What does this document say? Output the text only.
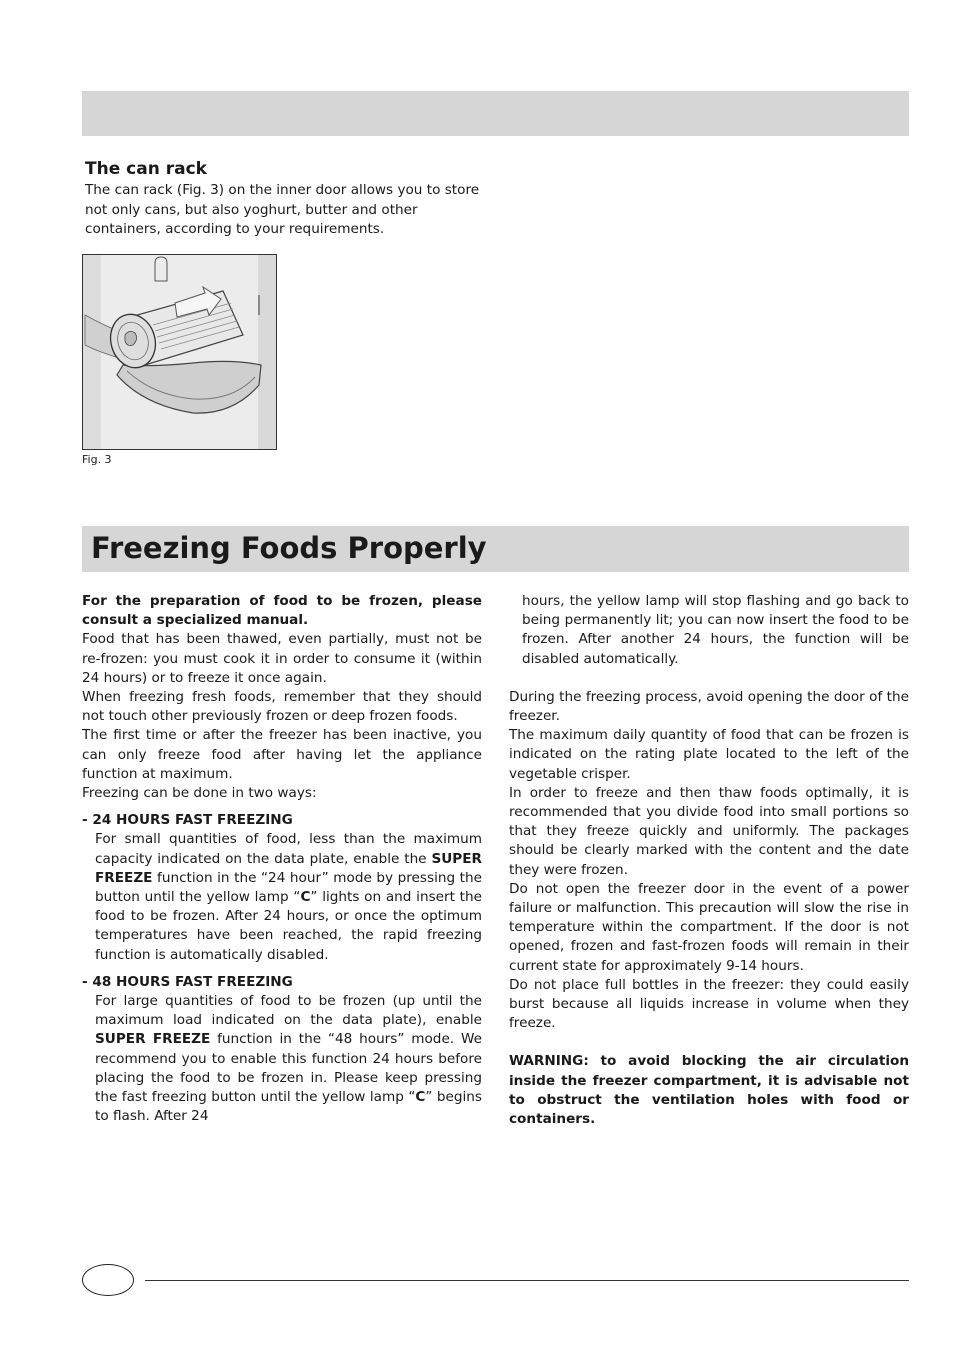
The can rack
The can rack (Fig. 3) on the inner door allows you to store not only cans, but also yoghurt, butter and other containers, according to your requirements.
Fig. 3
Freezing Foods Properly

For the preparation of food to be frozen, please consult a specialized manual.

Food that has been thawed, even partially, must not be re-frozen: you must cook it in order to consume it (within 24 hours) or to freeze it once again.

When freezing fresh foods, remember that they should not touch other previously frozen or deep frozen foods.

The first time or after the freezer has been inactive, you can only freeze food after having let the appliance function at maximum.

Freezing can be done in two ways:

- 24 HOURS FAST FREEZING

For small quantities of food, less than the maximum capacity indicated on the data plate, enable the SUPER FREEZE function in the “24 hour” mode by pressing the button until the yellow lamp “C” lights on and insert the food to be frozen. After 24 hours, or once the optimum temperatures have been reached, the rapid freezing function is automatically disabled.

- 48 HOURS FAST FREEZING

For large quantities of food to be frozen (up until the maximum load indicated on the data plate), enable SUPER FREEZE function in the “48 hours” mode. We recommend you to enable this function 24 hours before placing the food to be frozen in. Please keep pressing the fast freezing button until the yellow lamp “C” begins to flash. After 24

hours, the yellow lamp will stop flashing and go back to being permanently lit; you can now insert the food to be frozen. After another 24 hours, the function will be disabled automatically.

During the freezing process, avoid opening the door of the freezer.

The maximum daily quantity of food that can be frozen is indicated on the rating plate located to the left of the vegetable crisper.

In order to freeze and then thaw foods optimally, it is recommended that you divide food into small portions so that they freeze quickly and uniformly. The packages should be clearly marked with the content and the date they were frozen.

Do not open the freezer door in the event of a power failure or malfunction. This precaution will slow the rise in temperature within the compartment. If the door is not opened, frozen and fast-frozen foods will remain in their current state for approximately 9-14 hours.

Do not place full bottles in the freezer: they could easily burst because all liquids increase in volume when they freeze.

WARNING: to avoid blocking the air circulation inside the freezer compartment, it is advisable not to obstruct the ventilation holes with food or containers.
